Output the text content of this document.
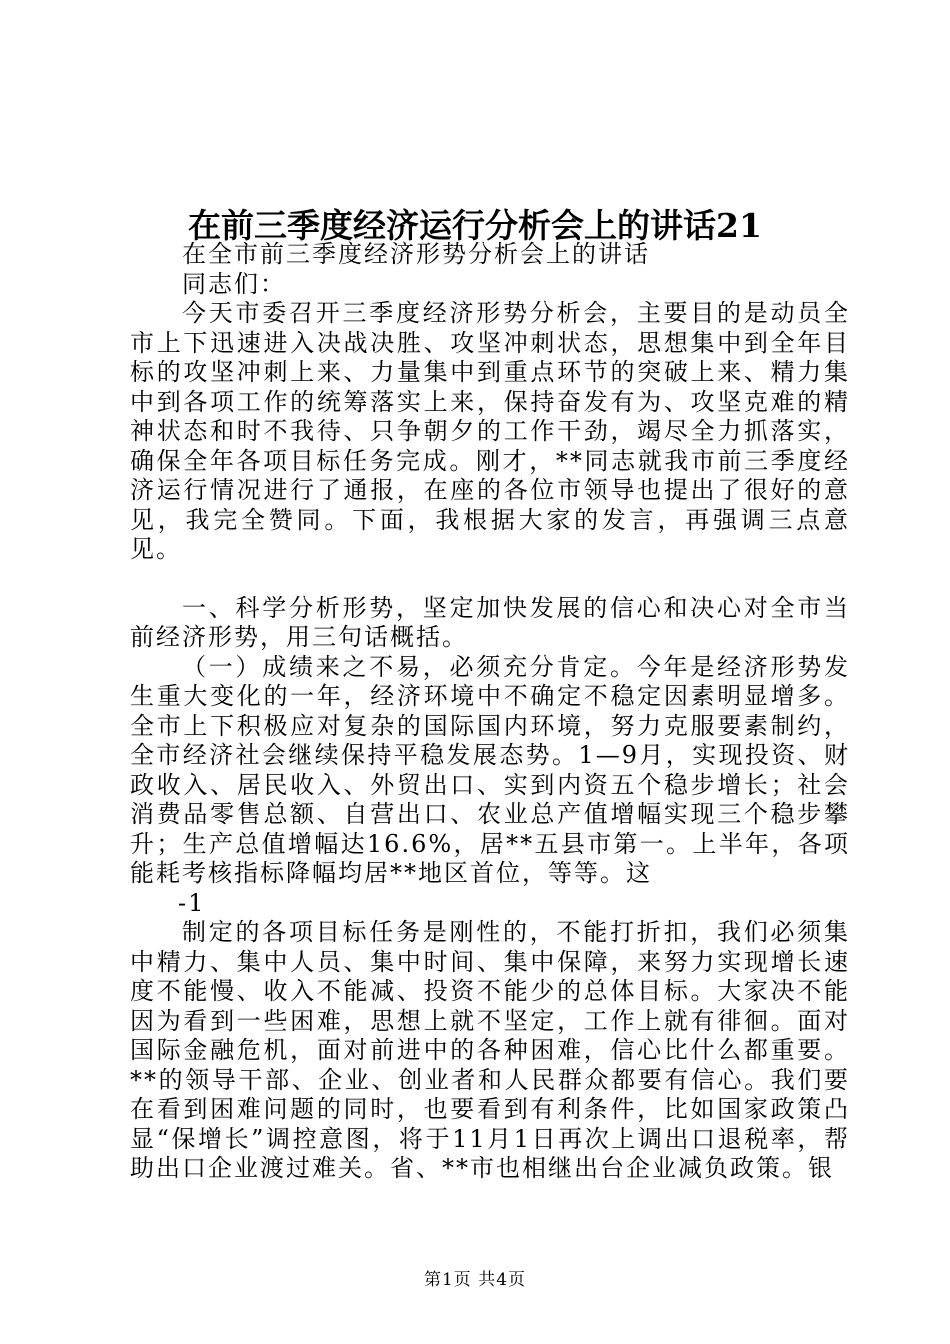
在前三季度经济运行分析会上的讲话21

在全市前三季度经济形势分析会上的讲话

同志们：

今天市委召开三季度经济形势分析会，主要目的是动员全市上下迅速进入决战决胜、攻坚冲刺状态，思想集中到全年目标的攻坚冲刺上来、力量集中到重点环节的突破上来、精力集中到各项工作的统筹落实上来，保持奋发有为、攻坚克难的精神状态和时不我待、只争朝夕的工作干劲，竭尽全力抓落实，确保全年各项目标任务完成。刚才，**同志就我市前三季度经济运行情况进行了通报，在座的各位市领导也提出了很好的意见，我完全赞同。下面，我根据大家的发言，再强调三点意见。

一、科学分析形势，坚定加快发展的信心和决心对全市当前经济形势，用三句话概括。

（一）成绩来之不易，必须充分肯定。今年是经济形势发生重大变化的一年，经济环境中不确定不稳定因素明显增多。全市上下积极应对复杂的国际国内环境，努力克服要素制约，全市经济社会继续保持平稳发展态势。1—9月，实现投资、财政收入、居民收入、外贸出口、实到内资五个稳步增长；社会消费品零售总额、自营出口、农业总产值增幅实现三个稳步攀升；生产总值增幅达16.6%，居**五县市第一。上半年，各项能耗考核指标降幅均居**地区首位，等等。这

-1

制定的各项目标任务是刚性的，不能打折扣，我们必须集中精力、集中人员、集中时间、集中保障，来努力实现增长速度不能慢、收入不能减、投资不能少的总体目标。大家决不能因为看到一些困难，思想上就不坚定，工作上就有徘徊。面对国际金融危机，面对前进中的各种困难，信心比什么都重要。**的领导干部、企业、创业者和人民群众都要有信心。我们要在看到困难问题的同时，也要看到有利条件，比如国家政策凸显“保增长”调控意图，将于11月1日再次上调出口退税率，帮助出口企业渡过难关。省、**市也相继出台企业减负政策。银

第1页 共4页
